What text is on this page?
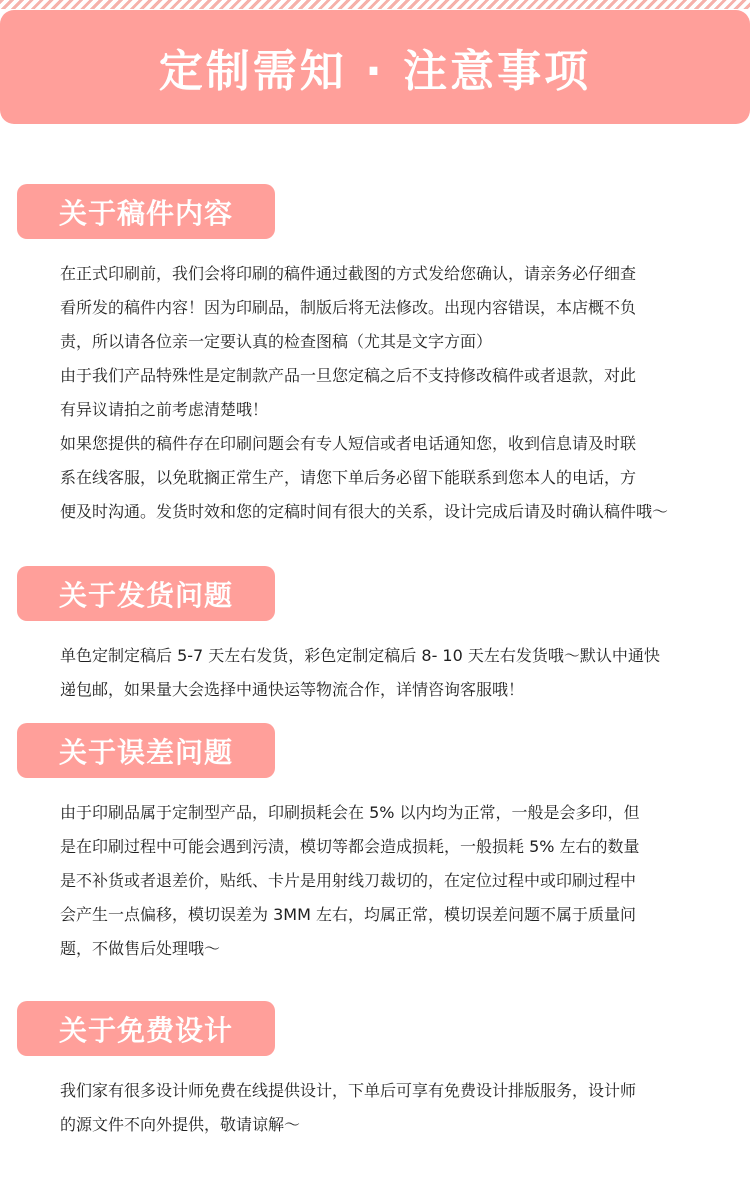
定制需知 · 注意事项
关于稿件内容
在正式印刷前，我们会将印刷的稿件通过截图的方式发给您确认，请亲务必仔细查
看所发的稿件内容！因为印刷品，制版后将无法修改。出现内容错误，本店概不负
责，所以请各位亲一定要认真的检查图稿（尤其是文字方面）
由于我们产品特殊性是定制款产品一旦您定稿之后不支持修改稿件或者退款，对此
有异议请拍之前考虑清楚哦！
如果您提供的稿件存在印刷问题会有专人短信或者电话通知您，收到信息请及时联
系在线客服，以免耽搁正常生产，请您下单后务必留下能联系到您本人的电话，方
便及时沟通。发货时效和您的定稿时间有很大的关系，设计完成后请及时确认稿件哦～
关于发货问题
单色定制定稿后 5-7 天左右发货，彩色定制定稿后 8- 10 天左右发货哦～默认中通快
递包邮，如果量大会选择中通快运等物流合作，详情咨询客服哦！
关于误差问题
由于印刷品属于定制型产品，印刷损耗会在 5% 以内均为正常，一般是会多印，但
是在印刷过程中可能会遇到污渍，模切等都会造成损耗，一般损耗 5% 左右的数量
是不补货或者退差价，贴纸、卡片是用射线刀裁切的，在定位过程中或印刷过程中
会产生一点偏移，模切误差为 3MM 左右，均属正常，模切误差问题不属于质量问
题，不做售后处理哦～
关于免费设计
我们家有很多设计师免费在线提供设计，下单后可享有免费设计排版服务，设计师
的源文件不向外提供，敬请谅解～
